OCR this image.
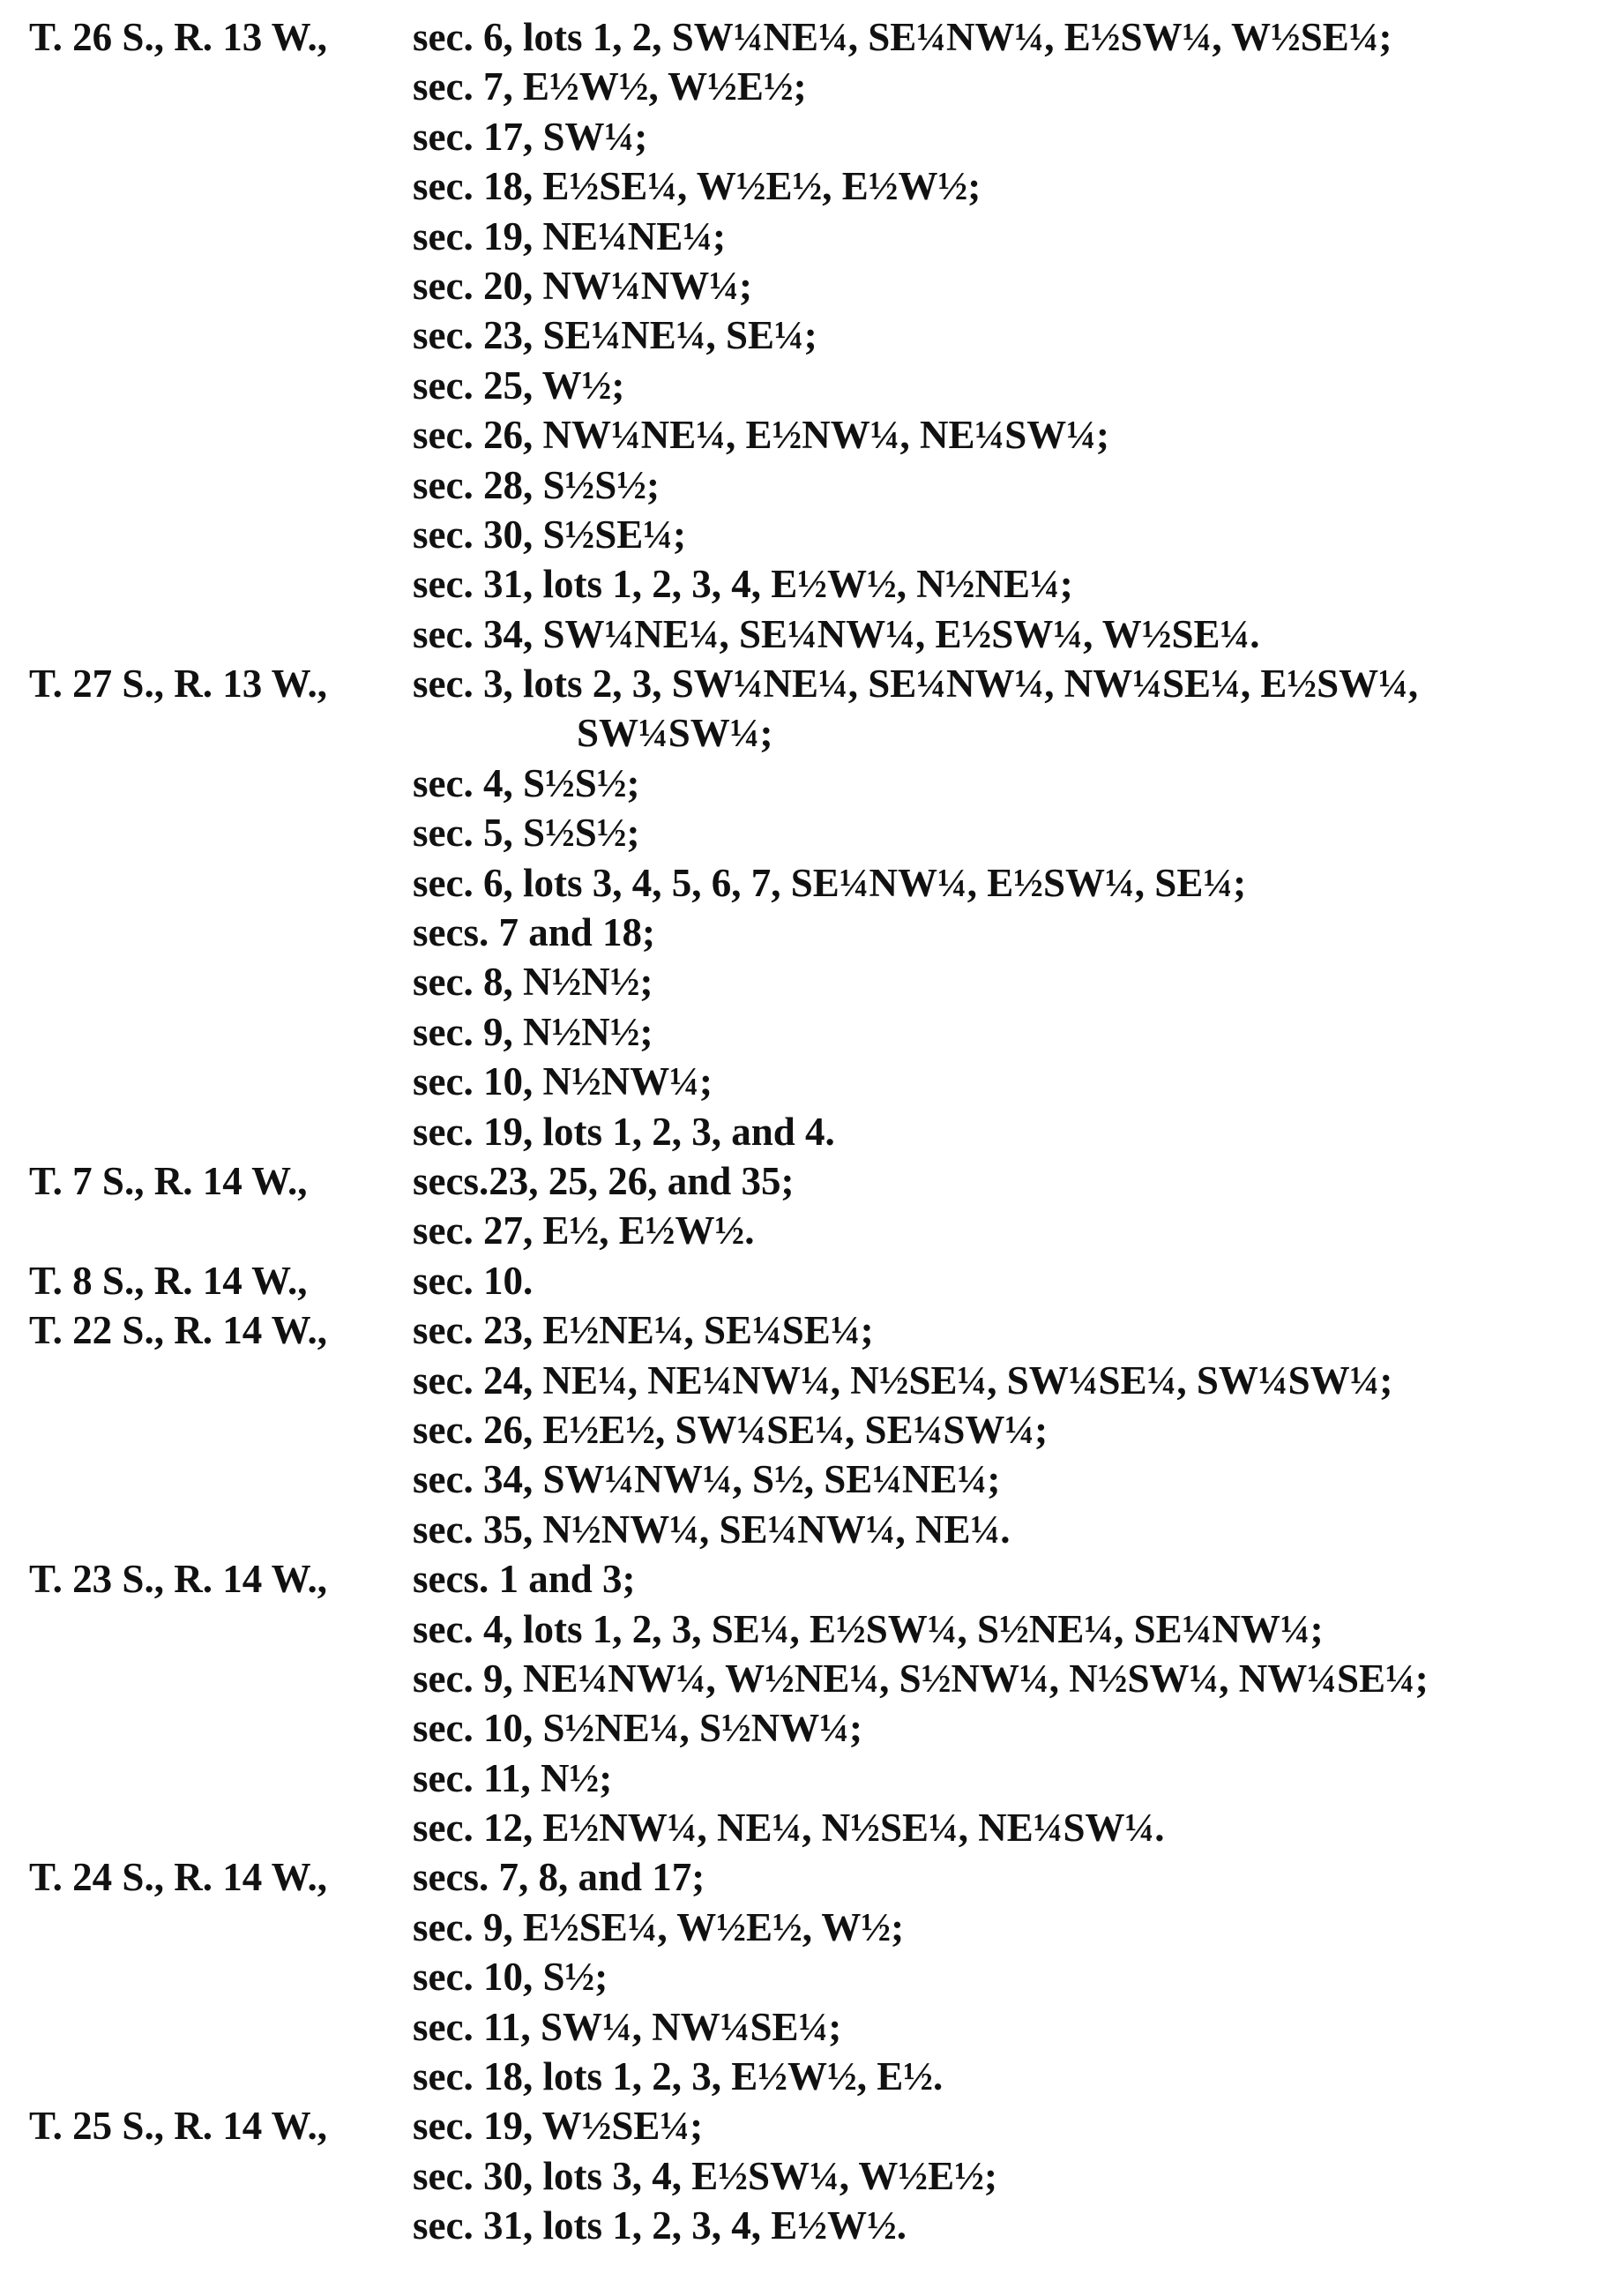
T. 26 S., R. 13 W., sec. 6, lots 1, 2, SW¼NE¼, SE¼NW¼, E½SW¼, W½SE¼;
sec. 7, E½W½, W½E½;
sec. 17, SW¼;
sec. 18, E½SE¼, W½E½, E½W½;
sec. 19, NE¼NE¼;
sec. 20, NW¼NW¼;
sec. 23, SE¼NE¼, SE¼;
sec. 25, W½;
sec. 26, NW¼NE¼, E½NW¼, NE¼SW¼;
sec. 28, S½S½;
sec. 30, S½SE¼;
sec. 31, lots 1, 2, 3, 4, E½W½, N½NE¼;
sec. 34, SW¼NE¼, SE¼NW¼, E½SW¼, W½SE¼.
T. 27 S., R. 13 W., sec. 3, lots 2, 3, SW¼NE¼, SE¼NW¼, NW¼SE¼, E½SW¼,
SW¼SW¼;
sec. 4, S½S½;
sec. 5, S½S½;
sec. 6, lots 3, 4, 5, 6, 7, SE¼NW¼, E½SW¼, SE¼;
secs. 7 and 18;
sec. 8, N½N½;
sec. 9, N½N½;
sec. 10, N½NW¼;
sec. 19, lots 1, 2, 3, and 4.
T. 7 S., R. 14 W.,	secs.23, 25, 26, and 35;
sec. 27, E½, E½W½.
T. 8 S., R. 14 W.,	sec. 10.
T. 22 S., R. 14 W., sec. 23, E½NE¼, SE¼SE¼;
sec. 24, NE¼, NE¼NW¼, N½SE¼, SW¼SE¼, SW¼SW¼;
sec. 26, E½E½, SW¼SE¼, SE¼SW¼;
sec. 34, SW¼NW¼, S½, SE¼NE¼;
sec. 35, N½NW¼, SE¼NW¼, NE¼.
T. 23 S., R. 14 W., secs. 1 and 3;
sec. 4, lots 1, 2, 3, SE¼, E½SW¼, S½NE¼, SE¼NW¼;
sec. 9, NE¼NW¼, W½NE¼, S½NW¼, N½SW¼, NW¼SE¼;
sec. 10, S½NE¼, S½NW¼;
sec. 11, N½;
sec. 12, E½NW¼, NE¼, N½SE¼, NE¼SW¼.
T. 24 S., R. 14 W., secs. 7, 8, and 17;
sec. 9, E½SE¼, W½E½, W½;
sec. 10, S½;
sec. 11, SW¼, NW¼SE¼;
sec. 18, lots 1, 2, 3, E½W½, E½.
T. 25 S., R. 14 W., sec. 19, W½SE¼;
sec. 30, lots 3, 4, E½SW¼, W½E½;
sec. 31, lots 1, 2, 3, 4, E½W½.
